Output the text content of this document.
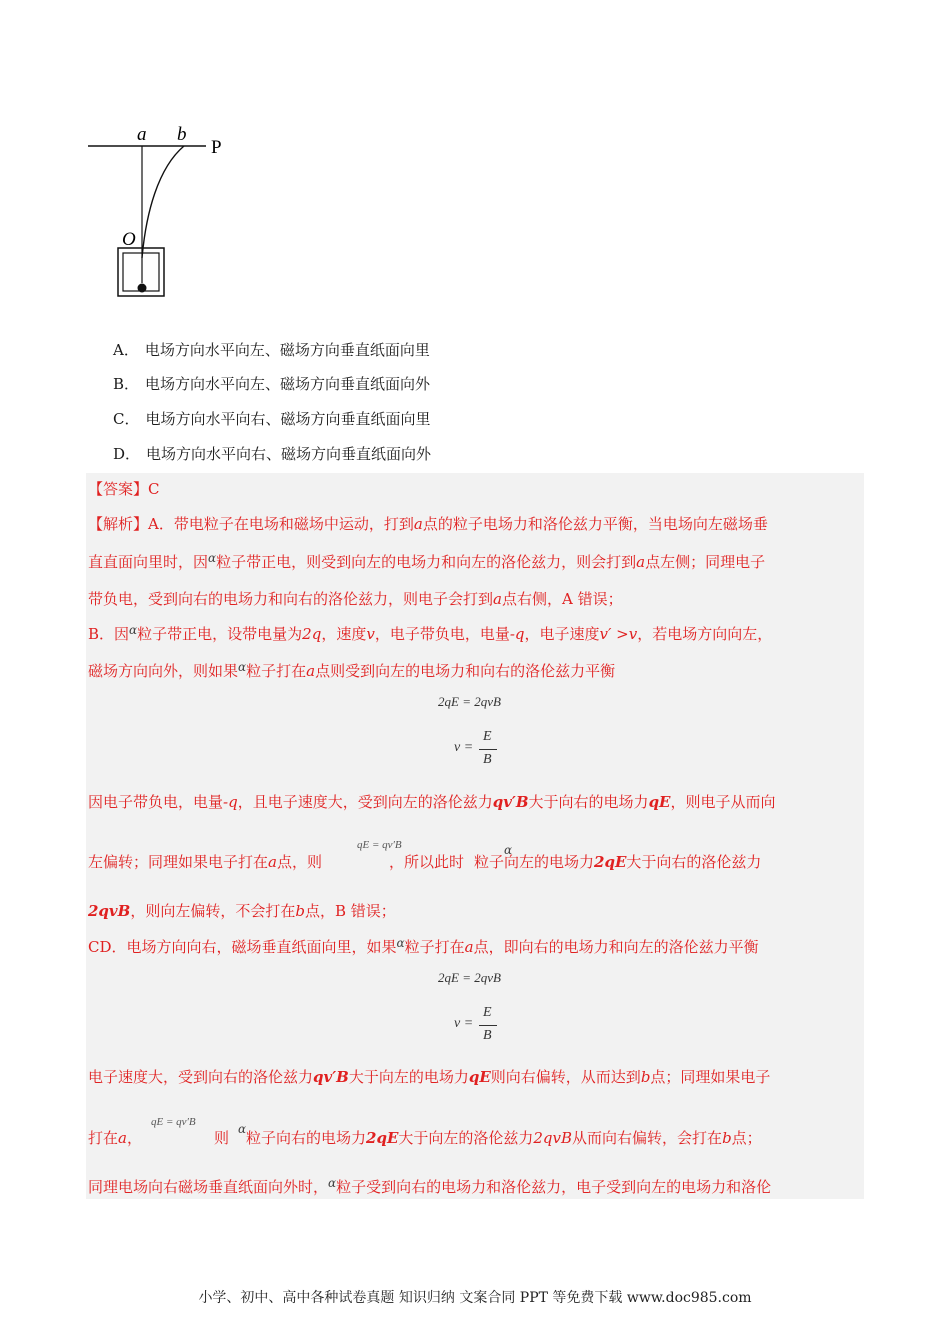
a b
P
O
A． 电场方向水平向左、磁场方向垂直纸面向里
B． 电场方向水平向左、磁场方向垂直纸面向外
C． 电场方向水平向右、磁场方向垂直纸面向里
D． 电场方向水平向右、磁场方向垂直纸面向外
【答案】C
【解析】A．带电粒子在电场和磁场中运动，打到a点的粒子电场力和洛伦兹力平衡，当电场向左磁场垂
直直面向里时，因$^\alpha$粒子带正电，则受到向左的电场力和向左的洛伦兹力，则会打到a点左侧；同理电子
带负电，受到向右的电场力和向右的洛伦兹力，则电子会打到a点右侧，A 错误；
B．因$^\alpha$粒子带正电，设带电量为2q，速度v，电子带负电，电量-q，电子速度v′ >v，若电场方向向左，
磁场方向向外，则如果$^\alpha$粒子打在a点则受到向左的电场力和向右的洛伦兹力平衡
2qE = 2qvB
v =
E
B
因电子带负电，电量-q，且电子速度大，受到向左的洛伦兹力qv′B大于向右的电场力qE，则电子从而向
qE = qv′B	α
左偏转；同理如果电子打在a点，则	，所以此时 粒子向左的电场力2qE大于向右的洛伦兹力
2qvB，则向左偏转，不会打在b点，B 错误；
CD．电场方向向右，磁场垂直纸面向里，如果$^\alpha$粒子打在a点，即向右的电场力和向左的洛伦兹力平衡
2qE = 2qvB
v =
E
B
电子速度大，受到向右的洛伦兹力qv′B大于向左的电场力qE则向右偏转，从而达到b点；同理如果电子
qE = qv′B	α
打在a，	则 粒子向右的电场力2qE大于向左的洛伦兹力2qvB从而向右偏转，会打在b点；
同理电场向右磁场垂直纸面向外时，$^\alpha$粒子受到向右的电场力和洛伦兹力，电子受到向左的电场力和洛伦
小学、初中、高中各种试卷真题 知识归纳 文案合同 PPT 等免费下载 www.doc985.com
